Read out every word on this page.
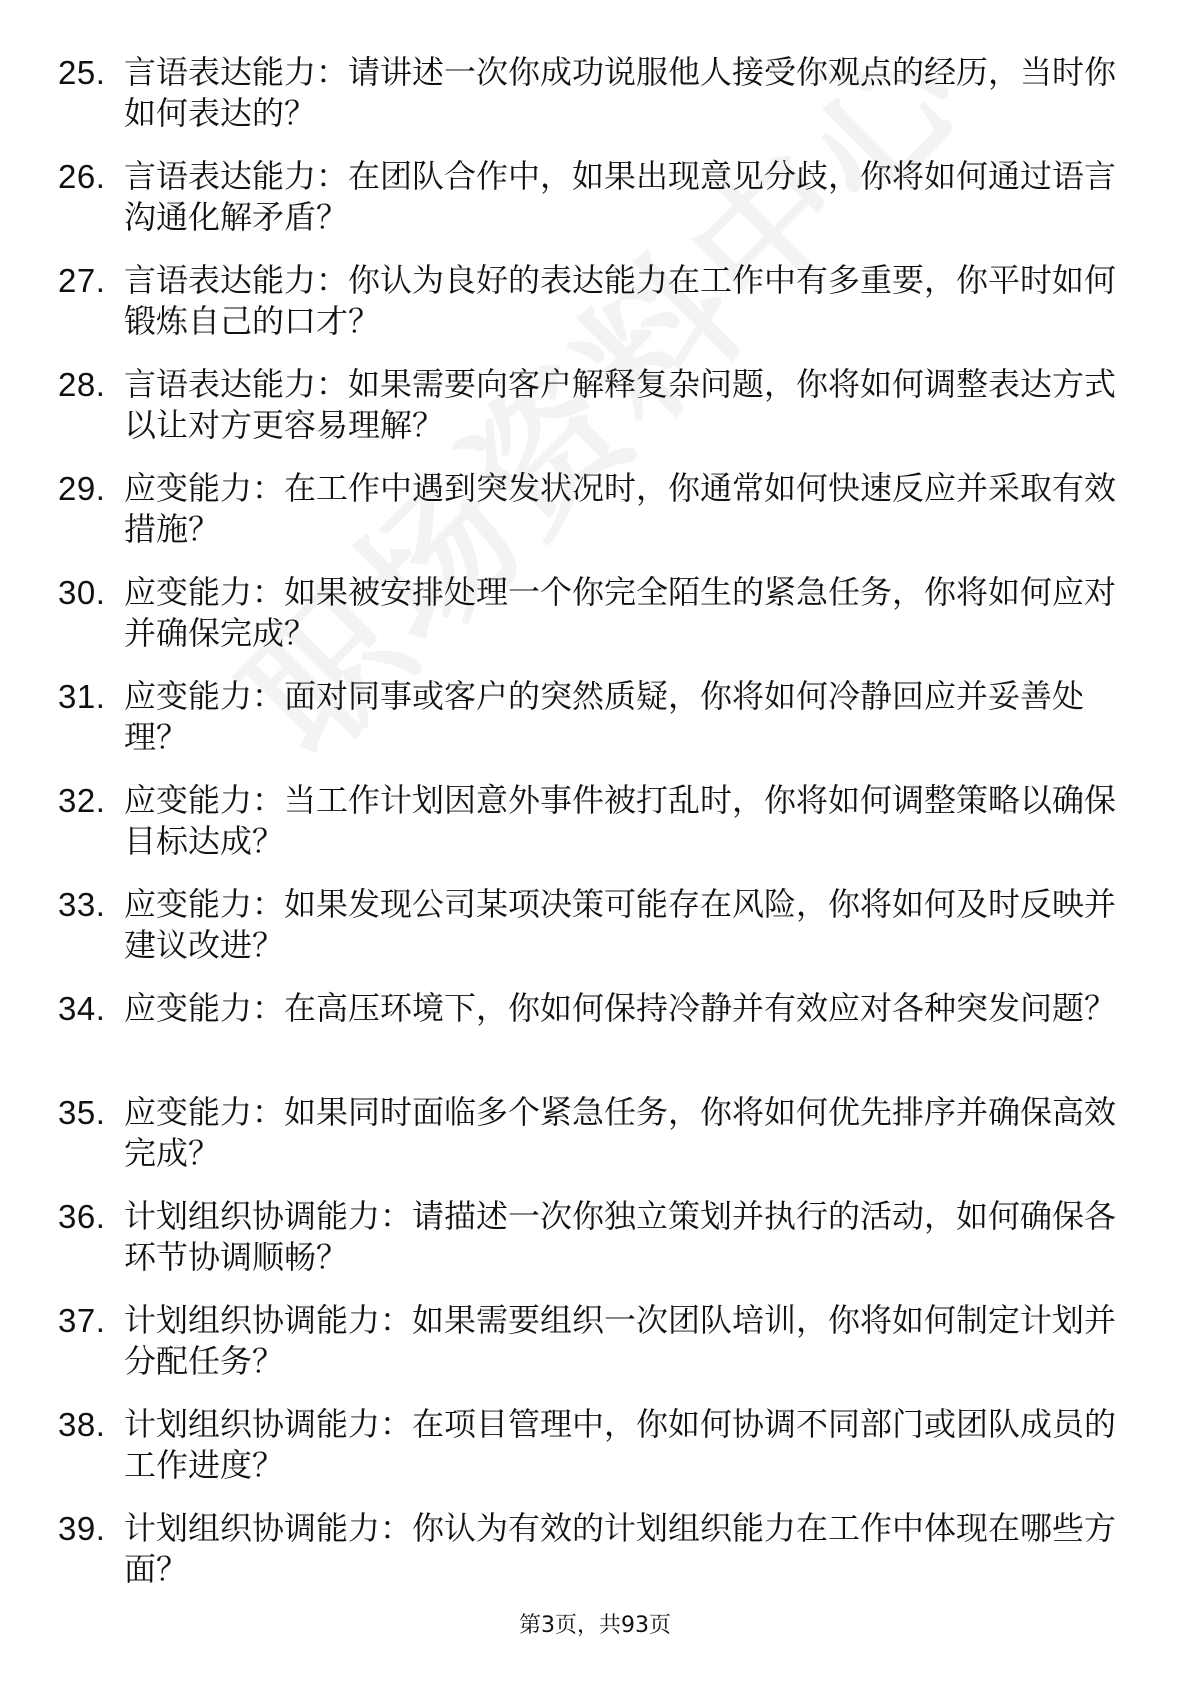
25. 言语表达能力：请讲述一次你成功说服他人接受你观点的经历，当时你如何表达的？
26. 言语表达能力：在团队合作中，如果出现意见分歧，你将如何通过语言沟通化解矛盾？
27. 言语表达能力：你认为良好的表达能力在工作中有多重要，你平时如何锻炼自己的口才？
28. 言语表达能力：如果需要向客户解释复杂问题，你将如何调整表达方式以让对方更容易理解？
29. 应变能力：在工作中遇到突发状况时，你通常如何快速反应并采取有效措施？
30. 应变能力：如果被安排处理一个你完全陌生的紧急任务，你将如何应对并确保完成？
31. 应变能力：面对同事或客户的突然质疑，你将如何冷静回应并妥善处理？
32. 应变能力：当工作计划因意外事件被打乱时，你将如何调整策略以确保目标达成？
33. 应变能力：如果发现公司某项决策可能存在风险，你将如何及时反映并建议改进？
34. 应变能力：在高压环境下，你如何保持冷静并有效应对各种突发问题？
35. 应变能力：如果同时面临多个紧急任务，你将如何优先排序并确保高效完成？
36. 计划组织协调能力：请描述一次你独立策划并执行的活动，如何确保各环节协调顺畅？
37. 计划组织协调能力：如果需要组织一次团队培训，你将如何制定计划并分配任务？
38. 计划组织协调能力：在项目管理中，你如何协调不同部门或团队成员的工作进度？
39. 计划组织协调能力：你认为有效的计划组织能力在工作中体现在哪些方面？
第3页，共93页
